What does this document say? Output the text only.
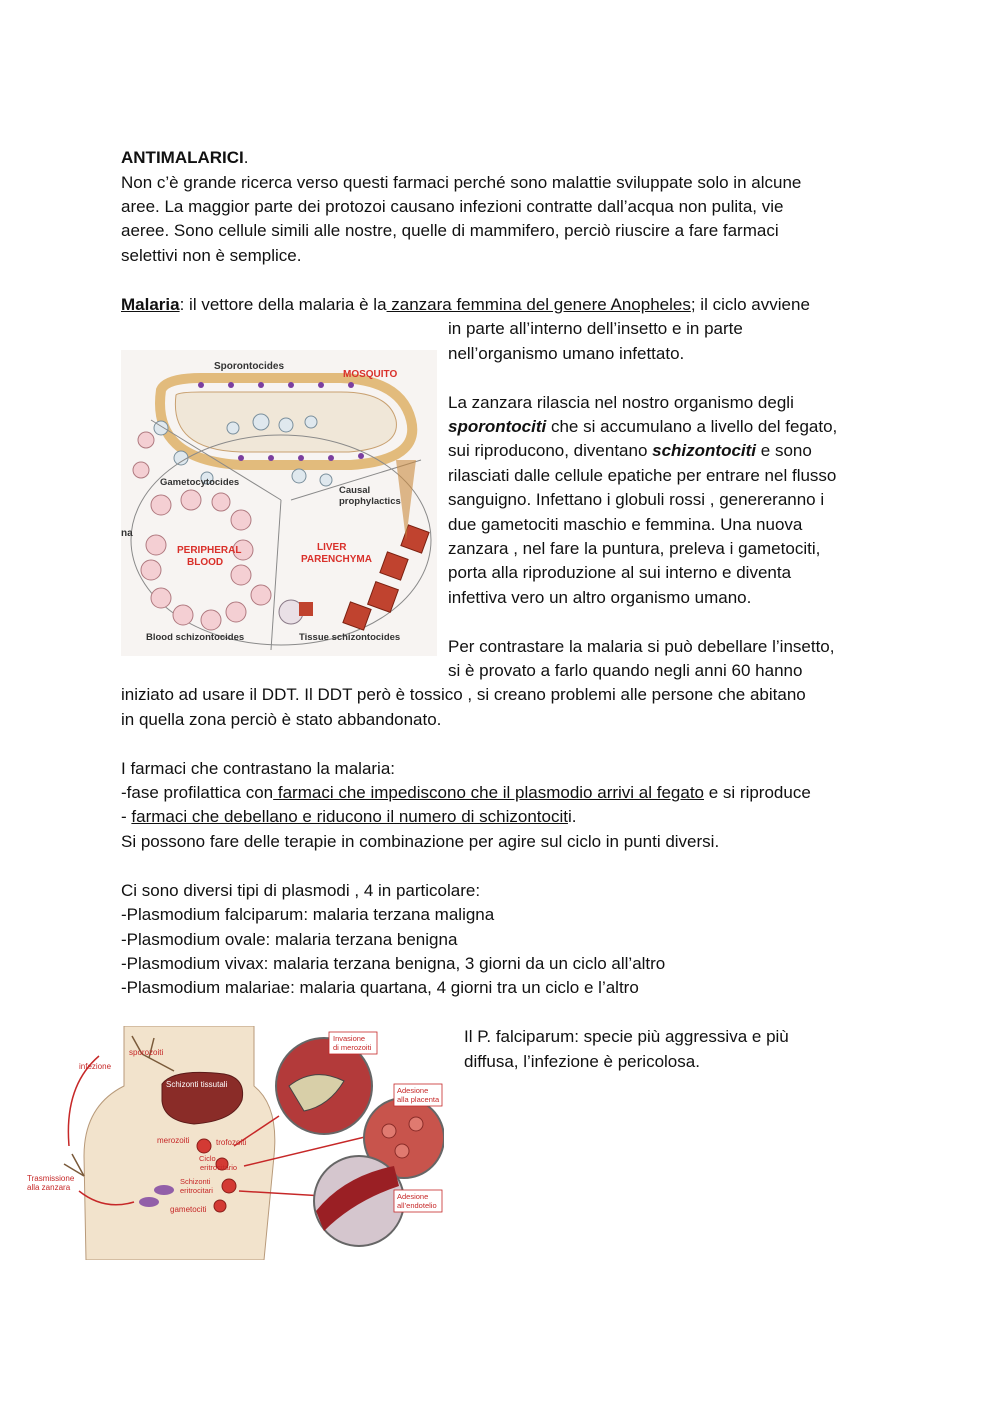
ANTIMALARICI.
Non c’è grande ricerca verso questi farmaci perché sono malattie sviluppate solo in alcune
aree. La maggior parte dei protozoi causano infezioni contratte dall’acqua non pulita, vie
aeree. Sono cellule simili alle nostre, quelle di mammifero, perciò riuscire a fare farmaci
selettivi non è semplice.
Malaria: il vettore della malaria è la zanzara femmina del genere Anopheles; il ciclo avviene
in parte all’interno dell’insetto e in parte
nell’organismo umano infettato.
La zanzara rilascia nel nostro organismo degli
sporontociti che si accumulano a livello del fegato,
sui riproducono, diventano schizontociti e sono
rilasciati dalle cellule epatiche per entrare nel flusso
sanguigno. Infettano i globuli rossi , genereranno i
due gametociti maschio e femmina. Una nuova
zanzara , nel fare la puntura, preleva i gametociti,
porta alla riproduzione al sui interno e diventa
infettiva vero un altro organismo umano.
Per contrastare la malaria si può debellare l’insetto,
si è provato a farlo quando negli anni 60 hanno
iniziato ad usare il DDT. Il DDT però è tossico , si creano problemi alle persone che abitano
in quella zona perciò è stato abbandonato.
I farmaci che contrastano la malaria:
-fase profilattica con farmaci che impediscono che il plasmodio arrivi al fegato e si riproduce
- farmaci che debellano e riducono il numero di schizontociti.
Si possono fare delle terapie in combinazione per agire sul ciclo in punti diversi.
Ci sono diversi tipi di plasmodi , 4 in particolare:
-Plasmodium falciparum: malaria terzana maligna
-Plasmodium ovale: malaria terzana benigna
-Plasmodium vivax: malaria terzana benigna, 3 giorni da un ciclo all’altro
-Plasmodium malariae: malaria quartana, 4 giorni tra un ciclo e l’altro
Il P. falciparum: specie più aggressiva e più
diffusa, l’infezione è pericolosa.
Sporontocides
MOSQUITO
Gametocytocides
Causal
prophylactics
PERIPHERAL
BLOOD
LIVER
PARENCHYMA
Blood schizontocides	Tissue schizontocides
na
sporozoiti
infezione
Schizonti tissutali
merozoiti	trofozoiti
Ciclo
eritrocitario
Schizonti
eritrocitari
gametociti
Trasmissione
alla zanzara
Invasione
di merozoiti
Adesione
alla placenta
Adesione
all’endotelio
